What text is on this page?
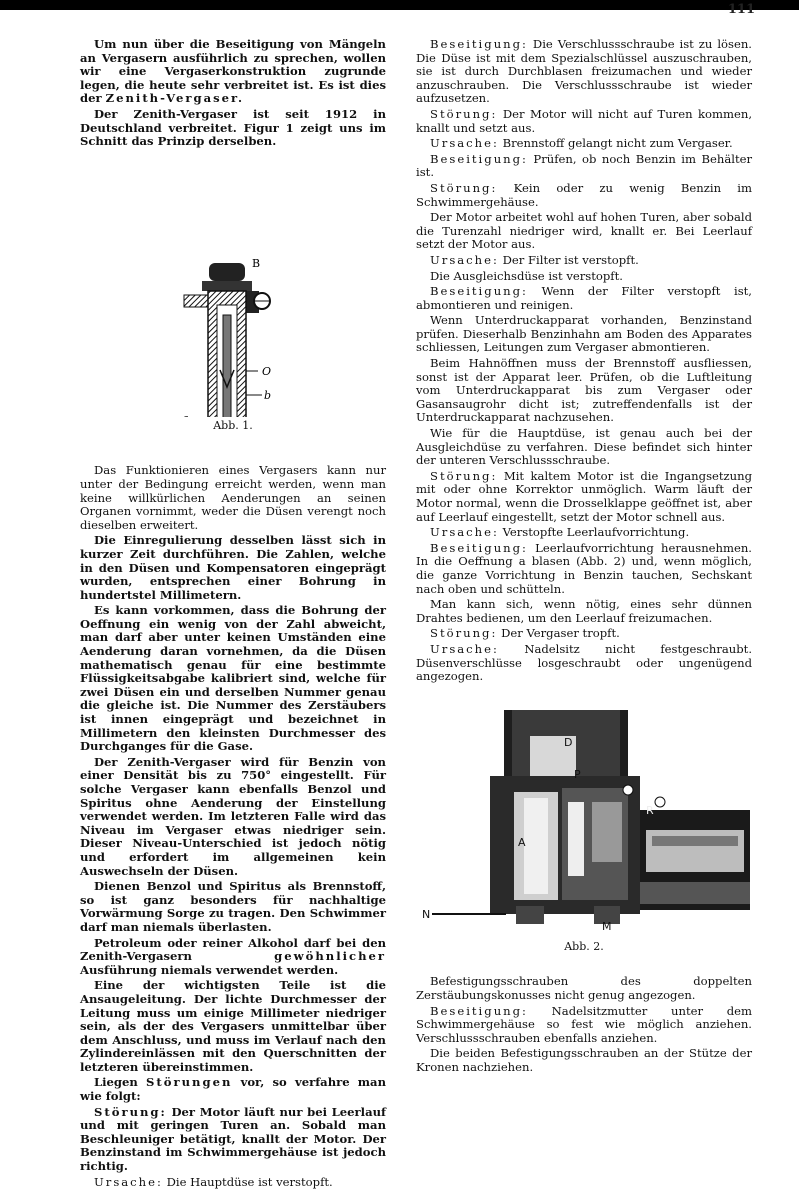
111

Um nun über die Beseitigung von Mängeln an Vergasern ausführlich zu sprechen, wollen wir eine Vergaserkonstruktion zugrunde legen, die heute sehr verbreitet ist. Es ist dies der Zenith-Vergaser.

Der Zenith-Vergaser ist seit 1912 in Deutschland verbreitet. Figur 1 zeigt uns im Schnitt das Prinzip derselben.

B
O
b
Abb. 1.

Das Funktionieren eines Vergasers kann nur unter der Bedingung erreicht werden, wenn man keine willkürlichen Aenderungen an seinen Organen vornimmt, weder die Düsen verengt noch dieselben erweitert.

Die Einregulierung desselben lässt sich in kurzer Zeit durchführen. Die Zahlen, welche in den Düsen und Kompensatoren eingeprägt wurden, entsprechen einer Bohrung in hundertstel Millimetern.

Es kann vorkommen, dass die Bohrung der Oeffnung ein wenig von der Zahl abweicht, man darf aber unter keinen Umständen eine Aenderung daran vornehmen, da die Düsen mathematisch genau für eine bestimmte Flüssigkeitsabgabe kalibriert sind, welche für zwei Düsen ein und derselben Nummer genau die gleiche ist. Die Nummer des Zerstäubers ist innen eingeprägt und bezeichnet in Millimetern den kleinsten Durchmesser des Durchganges für die Gase.

Der Zenith-Vergaser wird für Benzin von einer Densität bis zu 750° eingestellt. Für solche Vergaser kann ebenfalls Benzol und Spiritus ohne Aenderung der Einstellung verwendet werden. Im letzteren Falle wird das Niveau im Vergaser etwas niedriger sein. Dieser Niveau-Unterschied ist jedoch nötig und erfordert im allgemeinen kein Auswechseln der Düsen.

Dienen Benzol und Spiritus als Brennstoff, so ist ganz besonders für nachhaltige Vorwärmung Sorge zu tragen. Den Schwimmer darf man niemals überlasten.

Petroleum oder reiner Alkohol darf bei den Zenith-Vergasern	gewöhnlicher Ausführung niemals verwendet werden.

Eine der wichtigsten Teile ist die Ansaugeleitung. Der lichte Durchmesser der Leitung muss um einige Millimeter niedriger sein, als der des Vergasers unmittelbar über dem Anschluss, und muss im Verlauf nach den Zylindereinlässen mit den Querschnitten der letzteren übereinstimmen.

Liegen Störungen vor, so verfahre man wie folgt:

Störung: Der Motor läuft nur bei Leerlauf und mit geringen Turen an. Sobald man Beschleuniger betätigt, knallt der Motor. Der Benzinstand im Schwimmergehäuse ist jedoch richtig.

Ursache: Die Hauptdüse ist verstopft.

Beseitigung: Die Verschlussschraube ist zu lösen. Die Düse ist mit dem Spezialschlüssel auszuschrauben, sie ist durch Durchblasen freizumachen und wieder anzuschrauben. Die Verschlussschraube ist wieder aufzusetzen.

Störung: Der Motor will nicht auf Turen kommen, knallt und setzt aus.

Ursache: Brennstoff gelangt nicht zum Vergaser.

Beseitigung: Prüfen, ob noch Benzin im Behälter ist.

Störung: Kein oder zu wenig Benzin im Schwimmergehäuse.

Der Motor arbeitet wohl auf hohen Turen, aber sobald die Turenzahl niedriger wird, knallt er. Bei Leerlauf setzt der Motor aus.

Ursache: Der Filter ist verstopft.

Die Ausgleichsdüse ist verstopft.

Beseitigung: Wenn der Filter verstopft ist, abmontieren und reinigen.

Wenn Unterdruckapparat vorhanden, Benzinstand prüfen. Dieserhalb Benzinhahn am Boden des Apparates schliessen, Leitungen zum Vergaser abmontieren.

Beim Hahnöffnen muss der Brennstoff ausfliessen, sonst ist der Apparat leer. Prüfen, ob die Luftleitung vom Unterdruckapparat bis zum Vergaser oder Gasansaugrohr dicht ist; zutreffendenfalls ist der Unterdruckapparat nachzusehen.

Wie für die Hauptdüse, ist genau auch bei der Ausgleichdüse zu verfahren. Diese befindet sich hinter der unteren Verschlussschraube.

Störung: Mit kaltem Motor ist die Ingangsetzung mit oder ohne Korrektor unmöglich. Warm läuft der Motor normal, wenn die Drosselklappe geöffnet ist, aber auf Leerlauf eingestellt, setzt der Motor schnell aus.

Ursache: Verstopfte Leerlaufvorrichtung.

Beseitigung: Leerlaufvorrichtung herausnehmen. In die Oeffnung a blasen (Abb. 2) und, wenn möglich, die ganze Vorrichtung in Benzin tauchen, Sechskant nach oben und schütteln.

Man kann sich, wenn nötig, eines sehr dünnen Drahtes bedienen, um den Leerlauf freizumachen.

Störung: Der Vergaser tropft.

Ursache: Nadelsitz nicht festgeschraubt. Düsenverschlüsse losgeschraubt oder ungenügend angezogen.

D
P
R
A
N
M
Abb. 2.

Befestigungsschrauben des doppelten Zerstäubungskonusses nicht genug angezogen.

Beseitigung: Nadelsitzmutter unter dem Schwimmergehäuse so fest wie möglich anziehen. Verschlussschrauben ebenfalls anziehen.

Die beiden Befestigungsschrauben an der Stütze der Kronen nachziehen.
